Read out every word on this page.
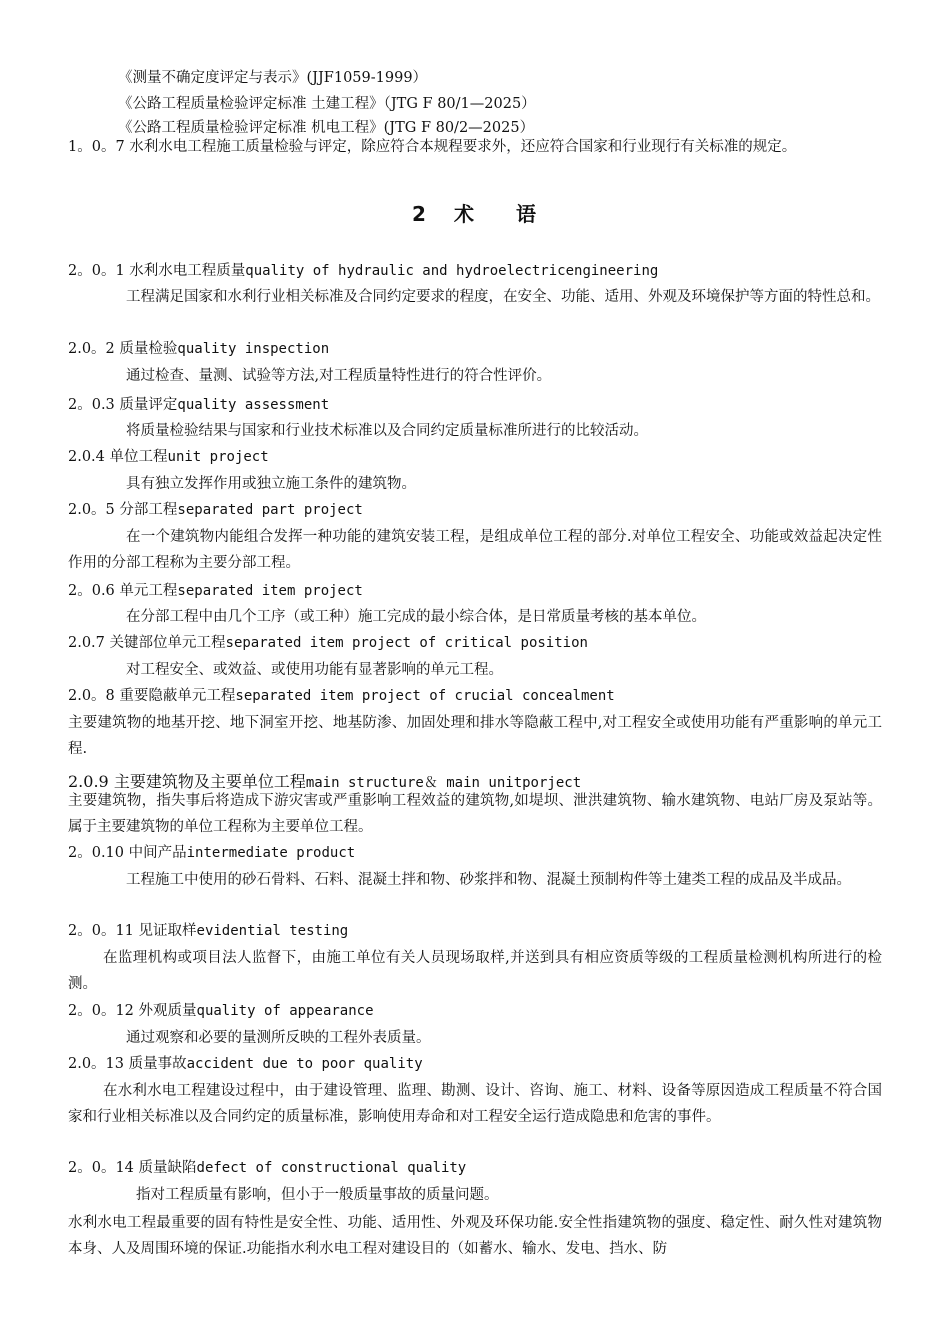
《测量不确定度评定与表示》(JJF1059-1999）
《公路工程质量检验评定标准 土建工程》（JTG F 80/1—2025）
《公路工程质量检验评定标准 机电工程》(JTG F 80/2—2025）
1。0。7 水利水电工程施工质量检验与评定，除应符合本规程要求外，还应符合国家和行业现行有关标准的规定。
2 术 语
2。0。1 水利水电工程质量quality of hydraulic and hydroelectricengineering
工程满足国家和水利行业相关标准及合同约定要求的程度，在安全、功能、适用、外观及环境保护等方面的特性总和。
2.0。2 质量检验quality inspection
通过检查、量测、试验等方法,对工程质量特性进行的符合性评价。
2。0.3 质量评定quality assessment
将质量检验结果与国家和行业技术标准以及合同约定质量标准所进行的比较活动。
2.0.4 单位工程unit project
具有独立发挥作用或独立施工条件的建筑物。
2.0。5 分部工程separated part project
在一个建筑物内能组合发挥一种功能的建筑安装工程，是组成单位工程的部分.对单位工程安全、功能或效益起决定性作用的分部工程称为主要分部工程。
2。0.6 单元工程separated item project
在分部工程中由几个工序（或工种）施工完成的最小综合体，是日常质量考核的基本单位。
2.0.7 关键部位单元工程separated item project of critical position
对工程安全、或效益、或使用功能有显著影响的单元工程。
2.0。8 重要隐蔽单元工程separated item project of crucial concealment
主要建筑物的地基开挖、地下洞室开挖、地基防渗、加固处理和排水等隐蔽工程中,对工程安全或使用功能有严重影响的单元工程.
2.0.9 主要建筑物及主要单位工程main structure＆ main unitporject
主要建筑物，指失事后将造成下游灾害或严重影响工程效益的建筑物,如堤坝、泄洪建筑物、输水建筑物、电站厂房及泵站等。属于主要建筑物的单位工程称为主要单位工程。
2。0.10 中间产品intermediate product
工程施工中使用的砂石骨料、石料、混凝土拌和物、砂浆拌和物、混凝土预制构件等土建类工程的成品及半成品。
2。0。11 见证取样evidential testing
在监理机构或项目法人监督下，由施工单位有关人员现场取样,并送到具有相应资质等级的工程质量检测机构所进行的检测。
2。0。12 外观质量quality of appearance
通过观察和必要的量测所反映的工程外表质量。
2.0。13 质量事故accident due to poor quality
在水利水电工程建设过程中，由于建设管理、监理、勘测、设计、咨询、施工、材料、设备等原因造成工程质量不符合国家和行业相关标准以及合同约定的质量标准，影响使用寿命和对工程安全运行造成隐患和危害的事件。
2。0。14 质量缺陷defect of constructional quality
指对工程质量有影响，但小于一般质量事故的质量问题。
水利水电工程最重要的固有特性是安全性、功能、适用性、外观及环保功能.安全性指建筑物的强度、稳定性、耐久性对建筑物本身、人及周围环境的保证.功能指水利水电工程对建设目的（如蓄水、输水、发电、挡水、防
